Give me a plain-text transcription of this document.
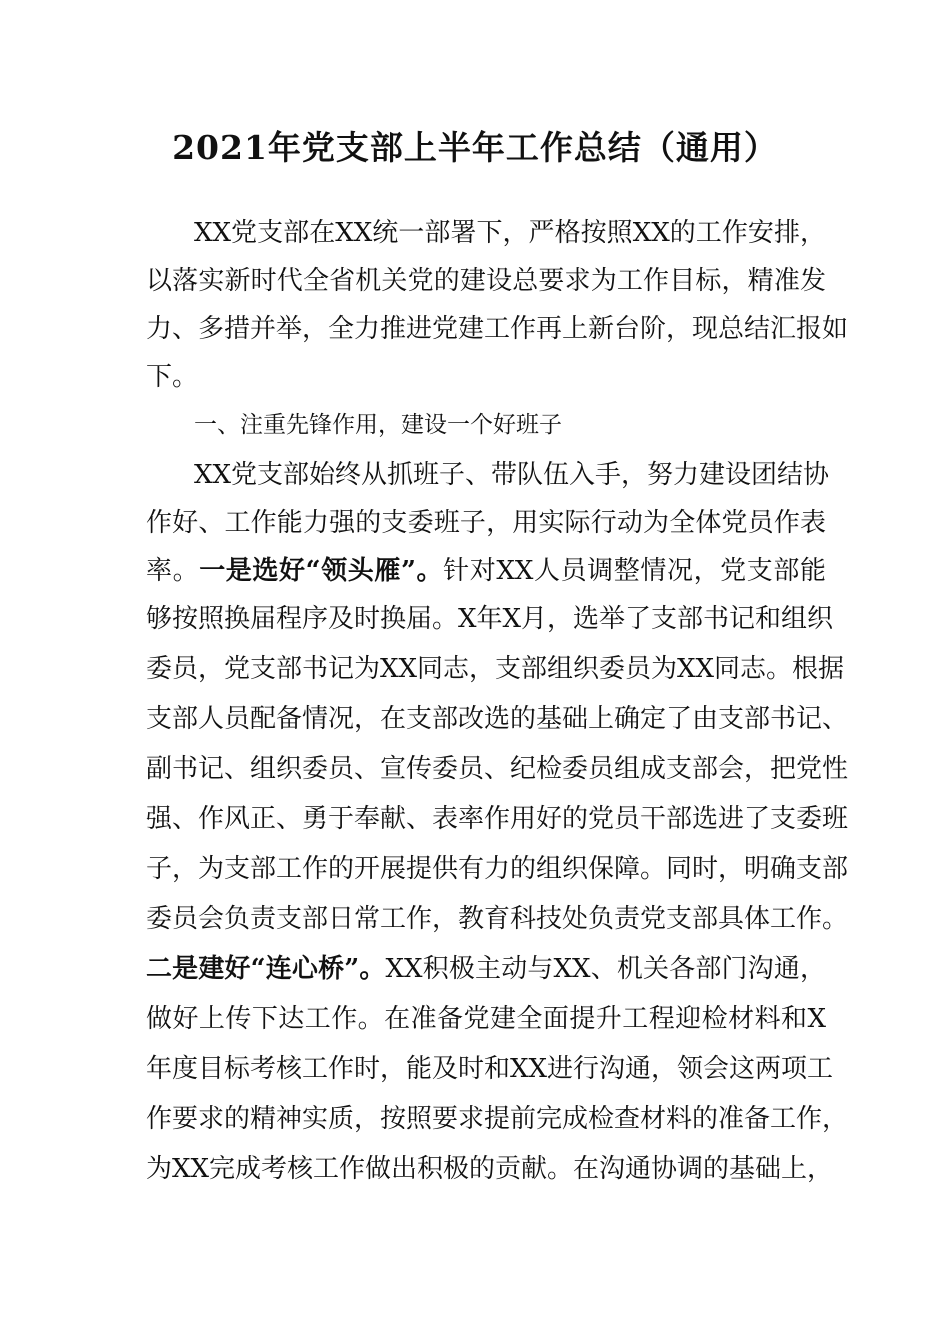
2021年党支部上半年工作总结（通用）
XX党支部在XX统一部署下，严格按照XX的工作安排，
以落实新时代全省机关党的建设总要求为工作目标，精准发
力、多措并举，全力推进党建工作再上新台阶，现总结汇报如
下。
一、注重先锋作用，建设一个好班子
XX党支部始终从抓班子、带队伍入手，努力建设团结协
作好、工作能力强的支委班子，用实际行动为全体党员作表
率。一是选好“领头雁”。针对XX人员调整情况，党支部能
够按照换届程序及时换届。X年X月，选举了支部书记和组织
委员，党支部书记为XX同志，支部组织委员为XX同志。根据
支部人员配备情况，在支部改选的基础上确定了由支部书记、
副书记、组织委员、宣传委员、纪检委员组成支部会，把党性
强、作风正、勇于奉献、表率作用好的党员干部选进了支委班
子，为支部工作的开展提供有力的组织保障。同时，明确支部
委员会负责支部日常工作，教育科技处负责党支部具体工作。
二是建好“连心桥”。XX积极主动与XX、机关各部门沟通，
做好上传下达工作。在准备党建全面提升工程迎检材料和X
年度目标考核工作时，能及时和XX进行沟通，领会这两项工
作要求的精神实质，按照要求提前完成检查材料的准备工作，
为XX完成考核工作做出积极的贡献。在沟通协调的基础上，
